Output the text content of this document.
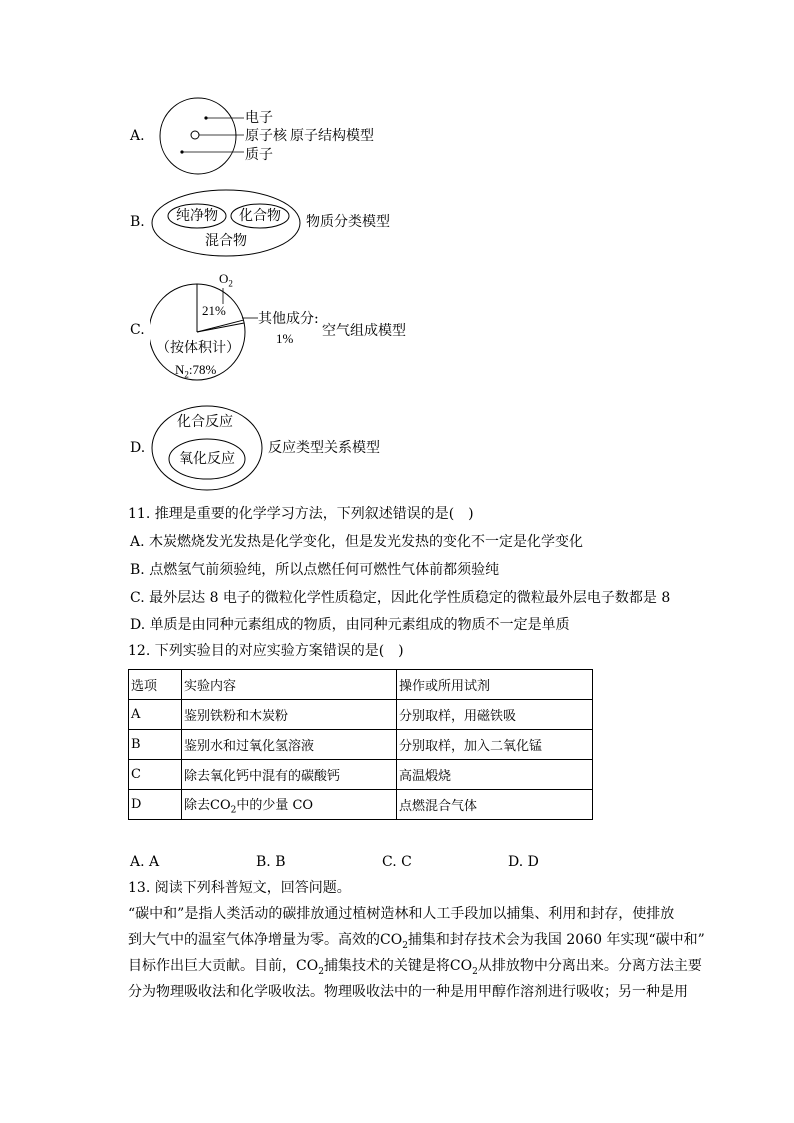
A.
电子
原子核
质子
原子结构模型
B. 纯净物 化合物
混合物
物质分类模型
C.
$O_2$
21%
其他成分:
1%
（按体积计）
$N_2:78\%$
空气组成模型
D.
化合反应
氧化反应
反应类型关系模型
11. 推理是重要的化学学习方法，下列叙述错误的是(　)
A. 木炭燃烧发光发热是化学变化，但是发光发热的变化不一定是化学变化
B. 点燃氢气前须验纯，所以点燃任何可燃性气体前都须验纯
C. 最外层达 8 电子的微粒化学性质稳定，因此化学性质稳定的微粒最外层电子数都是 8
D. 单质是由同种元素组成的物质，由同种元素组成的物质不一定是单质
12. 下列实验目的对应实验方案错误的是(　)
选项	实验内容	操作或所用试剂
A	鉴别铁粉和木炭粉	分别取样，用磁铁吸
B	鉴别水和过氧化氢溶液	分别取样，加入二氧化锰
C	除去氧化钙中混有的碳酸钙	高温煅烧
D	除去$CO_2$中的少量 CO	点燃混合气体
A. A	B. B	C. C	D. D
13. 阅读下列科普短文，回答问题。
“碳中和”是指人类活动的碳排放通过植树造林和人工手段加以捕集、利用和封存，使排放
到大气中的温室气体净增量为零。高效的$CO_2$捕集和封存技术会为我国 2060 年实现“碳中和”
目标作出巨大贡献。目前，$CO_2$捕集技术的关键是将$CO_2$从排放物中分离出来。分离方法主要
分为物理吸收法和化学吸收法。物理吸收法中的一种是用甲醇作溶剂进行吸收；另一种是用
